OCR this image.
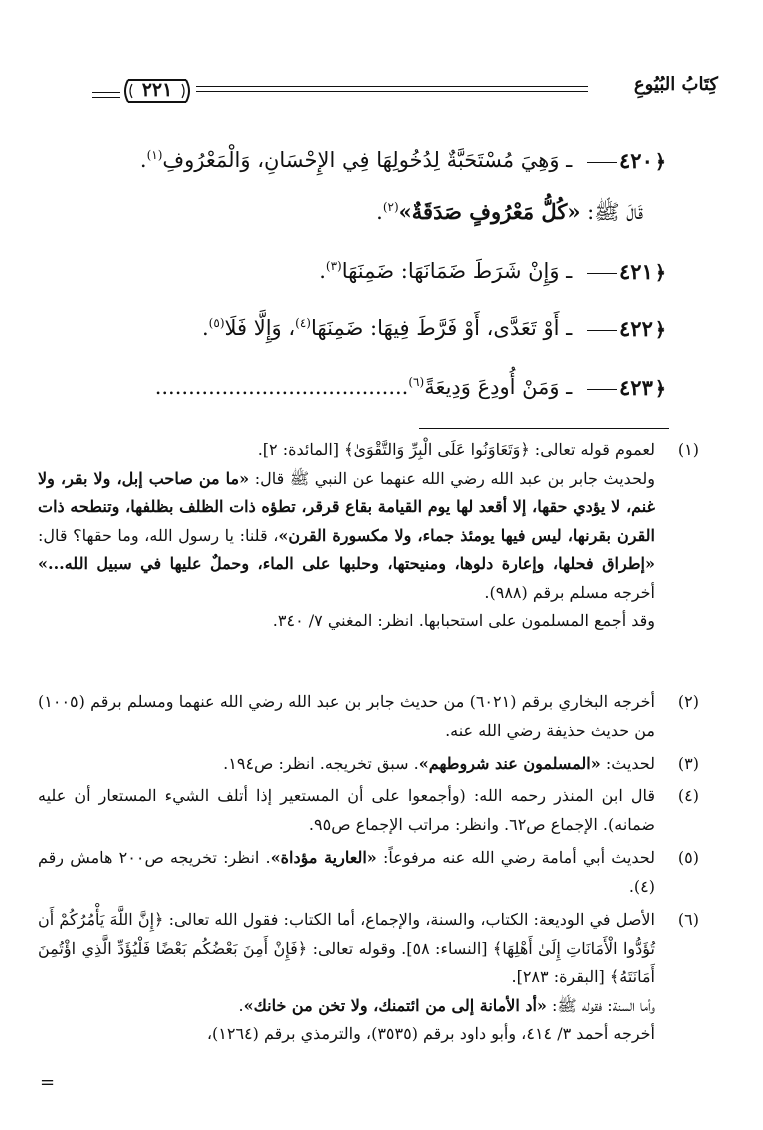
كِتَابُ البُيُوعِ
٢٢١
﴿٤٢٠ ـ وَهِيَ مُسْتَحَبَّةٌ لِدُخُولِهَا فِي الإِحْسَانِ، وَالْمَعْرُوفِ$^{(١)}$.
قَالَ ﷺ: «كُلُّ مَعْرُوفٍ صَدَقَةٌ»$^{(٢)}$.
﴿٤٢١ ـ وَإِنْ شَرَطَ ضَمَانَهَا: ضَمِنَهَا$^{(٣)}$.
﴿٤٢٢ ـ أَوْ تَعَدَّى، أَوْ فَرَّطَ فِيهَا: ضَمِنَهَا$^{(٤)}$، وَإِلَّا فَلَا$^{(٥)}$.
﴿٤٢٣ ـ وَمَنْ أُودِعَ وَدِيعَةً$^{(٦)}$......................................
(١)
لعموم قوله تعالى: ﴿وَتَعَاوَنُوا عَلَى الْبِرِّ وَالتَّقْوَىٰ﴾ [المائدة: ٢].
ولحديث جابر بن عبد الله رضي الله عنهما عن النبي ﷺ قال: «ما من صاحب إبل، ولا بقر، ولا غنم، لا يؤدي حقها، إلا أقعد لها يوم القيامة بقاع قرقر، تطؤه ذات الظلف بظلفها، وتنطحه ذات القرن بقرنها، ليس فيها يومئذ جماء، ولا مكسورة القرن»، قلنا: يا رسول الله، وما حقها؟ قال: «إطراق فحلها، وإعارة دلوها، ومنيحتها، وحلبها على الماء، وحملٌ عليها في سبيل الله...» أخرجه مسلم برقم (٩٨٨).
وقد أجمع المسلمون على استحبابها. انظر: المغني ٧/ ٣٤٠.
(٢)
أخرجه البخاري برقم (٦٠٢١) من حديث جابر بن عبد الله رضي الله عنهما ومسلم برقم (١٠٠٥) من حديث حذيفة رضي الله عنه.
(٣)
لحديث: «المسلمون عند شروطهم». سبق تخريجه. انظر: ص١٩٤.
(٤)
قال ابن المنذر رحمه الله: (وأجمعوا على أن المستعير إذا أتلف الشيء المستعار أن عليه ضمانه). الإجماع ص٦٢. وانظر: مراتب الإجماع ص٩٥.
(٥)
لحديث أبي أمامة رضي الله عنه مرفوعاً: «العارية مؤداة». انظر: تخريجه ص٢٠٠ هامش رقم (٤).
(٦)
الأصل في الوديعة: الكتاب، والسنة، والإجماع، أما الكتاب: فقول الله تعالى: ﴿إِنَّ اللَّهَ يَأْمُرُكُمْ أَن تُؤَدُّوا الْأَمَانَاتِ إِلَىٰ أَهْلِهَا﴾ [النساء: ٥٨]. وقوله تعالى: ﴿فَإِنْ أَمِنَ بَعْضُكُم بَعْضًا فَلْيُؤَدِّ الَّذِي اؤْتُمِنَ أَمَانَتَهُ﴾ [البقرة: ٢٨٣].
وأما السنة: فقوله ﷺ: «أد الأمانة إلى من ائتمنك، ولا تخن من خانك».
أخرجه أحمد ٣/ ٤١٤، وأبو داود برقم (٣٥٣٥)، والترمذي برقم (١٢٦٤)،
=
